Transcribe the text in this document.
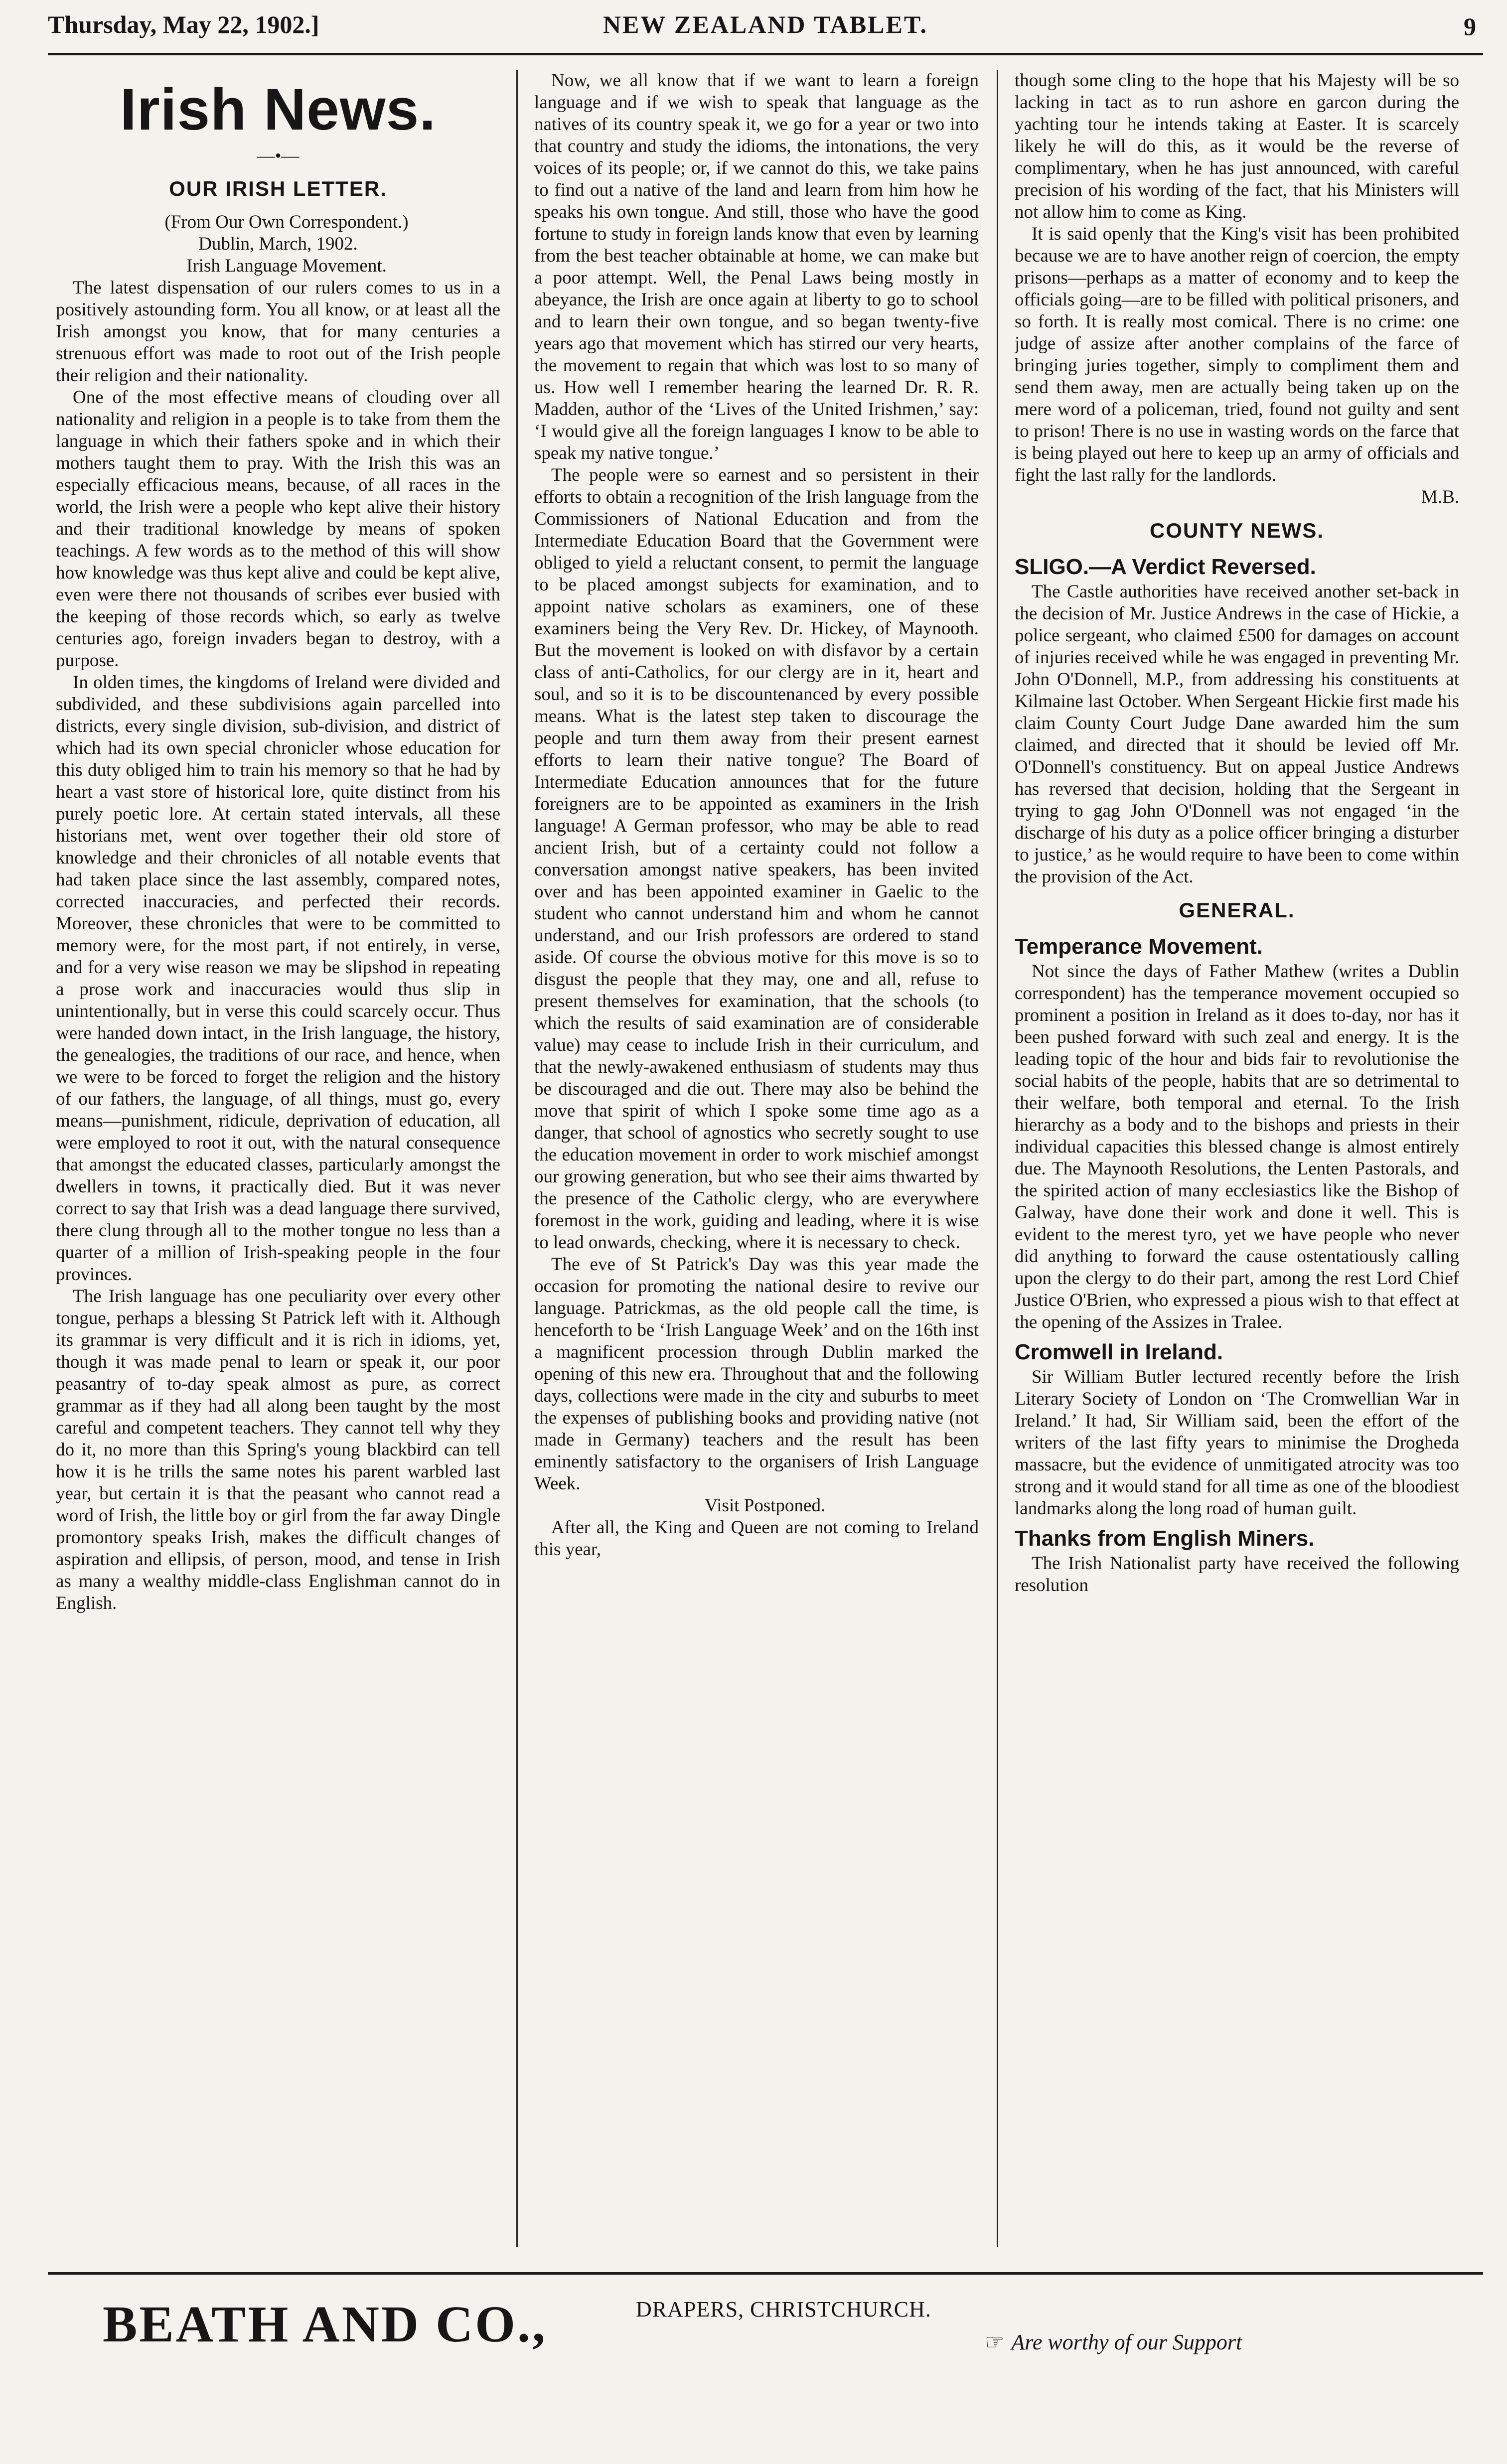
Thursday, May 22, 1902.]	NEW ZEALAND TABLET.	9
Irish News.
—•—
OUR IRISH LETTER.

(From Our Own Correspondent.)

Dublin, March, 1902.

Irish Language Movement.

The latest dispensation of our rulers comes to us in a positively astounding form. You all know, or at least all the Irish amongst you know, that for many centuries a strenuous effort was made to root out of the Irish people their religion and their nationality.

One of the most effective means of clouding over all nationality and religion in a people is to take from them the language in which their fathers spoke and in which their mothers taught them to pray. With the Irish this was an especially efficacious means, because, of all races in the world, the Irish were a people who kept alive their history and their traditional knowledge by means of spoken teachings. A few words as to the method of this will show how knowledge was thus kept alive and could be kept alive, even were there not thousands of scribes ever busied with the keeping of those records which, so early as twelve centuries ago, foreign invaders began to destroy, with a purpose.

In olden times, the kingdoms of Ireland were divided and subdivided, and these subdivisions again parcelled into districts, every single division, sub-division, and district of which had its own special chronicler whose education for this duty obliged him to train his memory so that he had by heart a vast store of historical lore, quite distinct from his purely poetic lore. At certain stated intervals, all these historians met, went over together their old store of knowledge and their chronicles of all notable events that had taken place since the last assembly, compared notes, corrected inaccuracies, and perfected their records. Moreover, these chronicles that were to be committed to memory were, for the most part, if not entirely, in verse, and for a very wise reason we may be slipshod in repeating a prose work and inaccuracies would thus slip in unintentionally, but in verse this could scarcely occur. Thus were handed down intact, in the Irish language, the history, the genealogies, the traditions of our race, and hence, when we were to be forced to forget the religion and the history of our fathers, the language, of all things, must go, every means—punishment, ridicule, deprivation of education, all were employed to root it out, with the natural consequence that amongst the educated classes, particularly amongst the dwellers in towns, it practically died. But it was never correct to say that Irish was a dead language there survived, there clung through all to the mother tongue no less than a quarter of a million of Irish-speaking people in the four provinces.

The Irish language has one peculiarity over every other tongue, perhaps a blessing St Patrick left with it. Although its grammar is very difficult and it is rich in idioms, yet, though it was made penal to learn or speak it, our poor peasantry of to-day speak almost as pure, as correct grammar as if they had all along been taught by the most careful and competent teachers. They cannot tell why they do it, no more than this Spring's young blackbird can tell how it is he trills the same notes his parent warbled last year, but certain it is that the peasant who cannot read a word of Irish, the little boy or girl from the far away Dingle promontory speaks Irish, makes the difficult changes of aspiration and ellipsis, of person, mood, and tense in Irish as many a wealthy middle-class Englishman cannot do in English.

Now, we all know that if we want to learn a foreign language and if we wish to speak that language as the natives of its country speak it, we go for a year or two into that country and study the idioms, the intonations, the very voices of its people; or, if we cannot do this, we take pains to find out a native of the land and learn from him how he speaks his own tongue. And still, those who have the good fortune to study in foreign lands know that even by learning from the best teacher obtainable at home, we can make but a poor attempt. Well, the Penal Laws being mostly in abeyance, the Irish are once again at liberty to go to school and to learn their own tongue, and so began twenty-five years ago that movement which has stirred our very hearts, the movement to regain that which was lost to so many of us. How well I remember hearing the learned Dr. R. R. Madden, author of the ‘Lives of the United Irishmen,’ say: ‘I would give all the foreign languages I know to be able to speak my native tongue.’

The people were so earnest and so persistent in their efforts to obtain a recognition of the Irish language from the Commissioners of National Education and from the Intermediate Education Board that the Government were obliged to yield a reluctant consent, to permit the language to be placed amongst subjects for examination, and to appoint native scholars as examiners, one of these examiners being the Very Rev. Dr. Hickey, of Maynooth. But the movement is looked on with disfavor by a certain class of anti-Catholics, for our clergy are in it, heart and soul, and so it is to be discountenanced by every possible means. What is the latest step taken to discourage the people and turn them away from their present earnest efforts to learn their native tongue? The Board of Intermediate Education announces that for the future foreigners are to be appointed as examiners in the Irish language! A German professor, who may be able to read ancient Irish, but of a certainty could not follow a conversation amongst native speakers, has been invited over and has been appointed examiner in Gaelic to the student who cannot understand him and whom he cannot understand, and our Irish professors are ordered to stand aside. Of course the obvious motive for this move is so to disgust the people that they may, one and all, refuse to present themselves for examination, that the schools (to which the results of said examination are of considerable value) may cease to include Irish in their curriculum, and that the newly-awakened enthusiasm of students may thus be discouraged and die out. There may also be behind the move that spirit of which I spoke some time ago as a danger, that school of agnostics who secretly sought to use the education movement in order to work mischief amongst our growing generation, but who see their aims thwarted by the presence of the Catholic clergy, who are everywhere foremost in the work, guiding and leading, where it is wise to lead onwards, checking, where it is necessary to check.

The eve of St Patrick's Day was this year made the occasion for promoting the national desire to revive our language. Patrickmas, as the old people call the time, is henceforth to be ‘Irish Language Week’ and on the 16th inst a magnificent procession through Dublin marked the opening of this new era. Throughout that and the following days, collections were made in the city and suburbs to meet the expenses of publishing books and providing native (not made in Germany) teachers and the result has been eminently satisfactory to the organisers of Irish Language Week.

Visit Postponed.

After all, the King and Queen are not coming to Ireland this year,

though some cling to the hope that his Majesty will be so lacking in tact as to run ashore en garcon during the yachting tour he intends taking at Easter. It is scarcely likely he will do this, as it would be the reverse of complimentary, when he has just announced, with careful precision of his wording of the fact, that his Ministers will not allow him to come as King.

It is said openly that the King's visit has been prohibited because we are to have another reign of coercion, the empty prisons—perhaps as a matter of economy and to keep the officials going—are to be filled with political prisoners, and so forth. It is really most comical. There is no crime: one judge of assize after another complains of the farce of bringing juries together, simply to compliment them and send them away, men are actually being taken up on the mere word of a policeman, tried, found not guilty and sent to prison! There is no use in wasting words on the farce that is being played out here to keep up an army of officials and fight the last rally for the landlords.

M.B.

COUNTY NEWS.
SLIGO.—A Verdict Reversed.

The Castle authorities have received another set-back in the decision of Mr. Justice Andrews in the case of Hickie, a police sergeant, who claimed £500 for damages on account of injuries received while he was engaged in preventing Mr. John O'Donnell, M.P., from addressing his constituents at Kilmaine last October. When Sergeant Hickie first made his claim County Court Judge Dane awarded him the sum claimed, and directed that it should be levied off Mr. O'Donnell's constituency. But on appeal Justice Andrews has reversed that decision, holding that the Sergeant in trying to gag John O'Donnell was not engaged ‘in the discharge of his duty as a police officer bringing a disturber to justice,’ as he would require to have been to come within the provision of the Act.

GENERAL.
Temperance Movement.

Not since the days of Father Mathew (writes a Dublin correspondent) has the temperance movement occupied so prominent a position in Ireland as it does to-day, nor has it been pushed forward with such zeal and energy. It is the leading topic of the hour and bids fair to revolutionise the social habits of the people, habits that are so detrimental to their welfare, both temporal and eternal. To the Irish hierarchy as a body and to the bishops and priests in their individual capacities this blessed change is almost entirely due. The Maynooth Resolutions, the Lenten Pastorals, and the spirited action of many ecclesiastics like the Bishop of Galway, have done their work and done it well. This is evident to the merest tyro, yet we have people who never did anything to forward the cause ostentatiously calling upon the clergy to do their part, among the rest Lord Chief Justice O'Brien, who expressed a pious wish to that effect at the opening of the Assizes in Tralee.

Cromwell in Ireland.

Sir William Butler lectured recently before the Irish Literary Society of London on ‘The Cromwellian War in Ireland.’ It had, Sir William said, been the effort of the writers of the last fifty years to minimise the Drogheda massacre, but the evidence of unmitigated atrocity was too strong and it would stand for all time as one of the bloodiest landmarks along the long road of human guilt.

Thanks from English Miners.

The Irish Nationalist party have received the following resolution

BEATH AND CO.,	DRAPERS, CHRISTCHURCH.
☞ Are worthy of our Support
